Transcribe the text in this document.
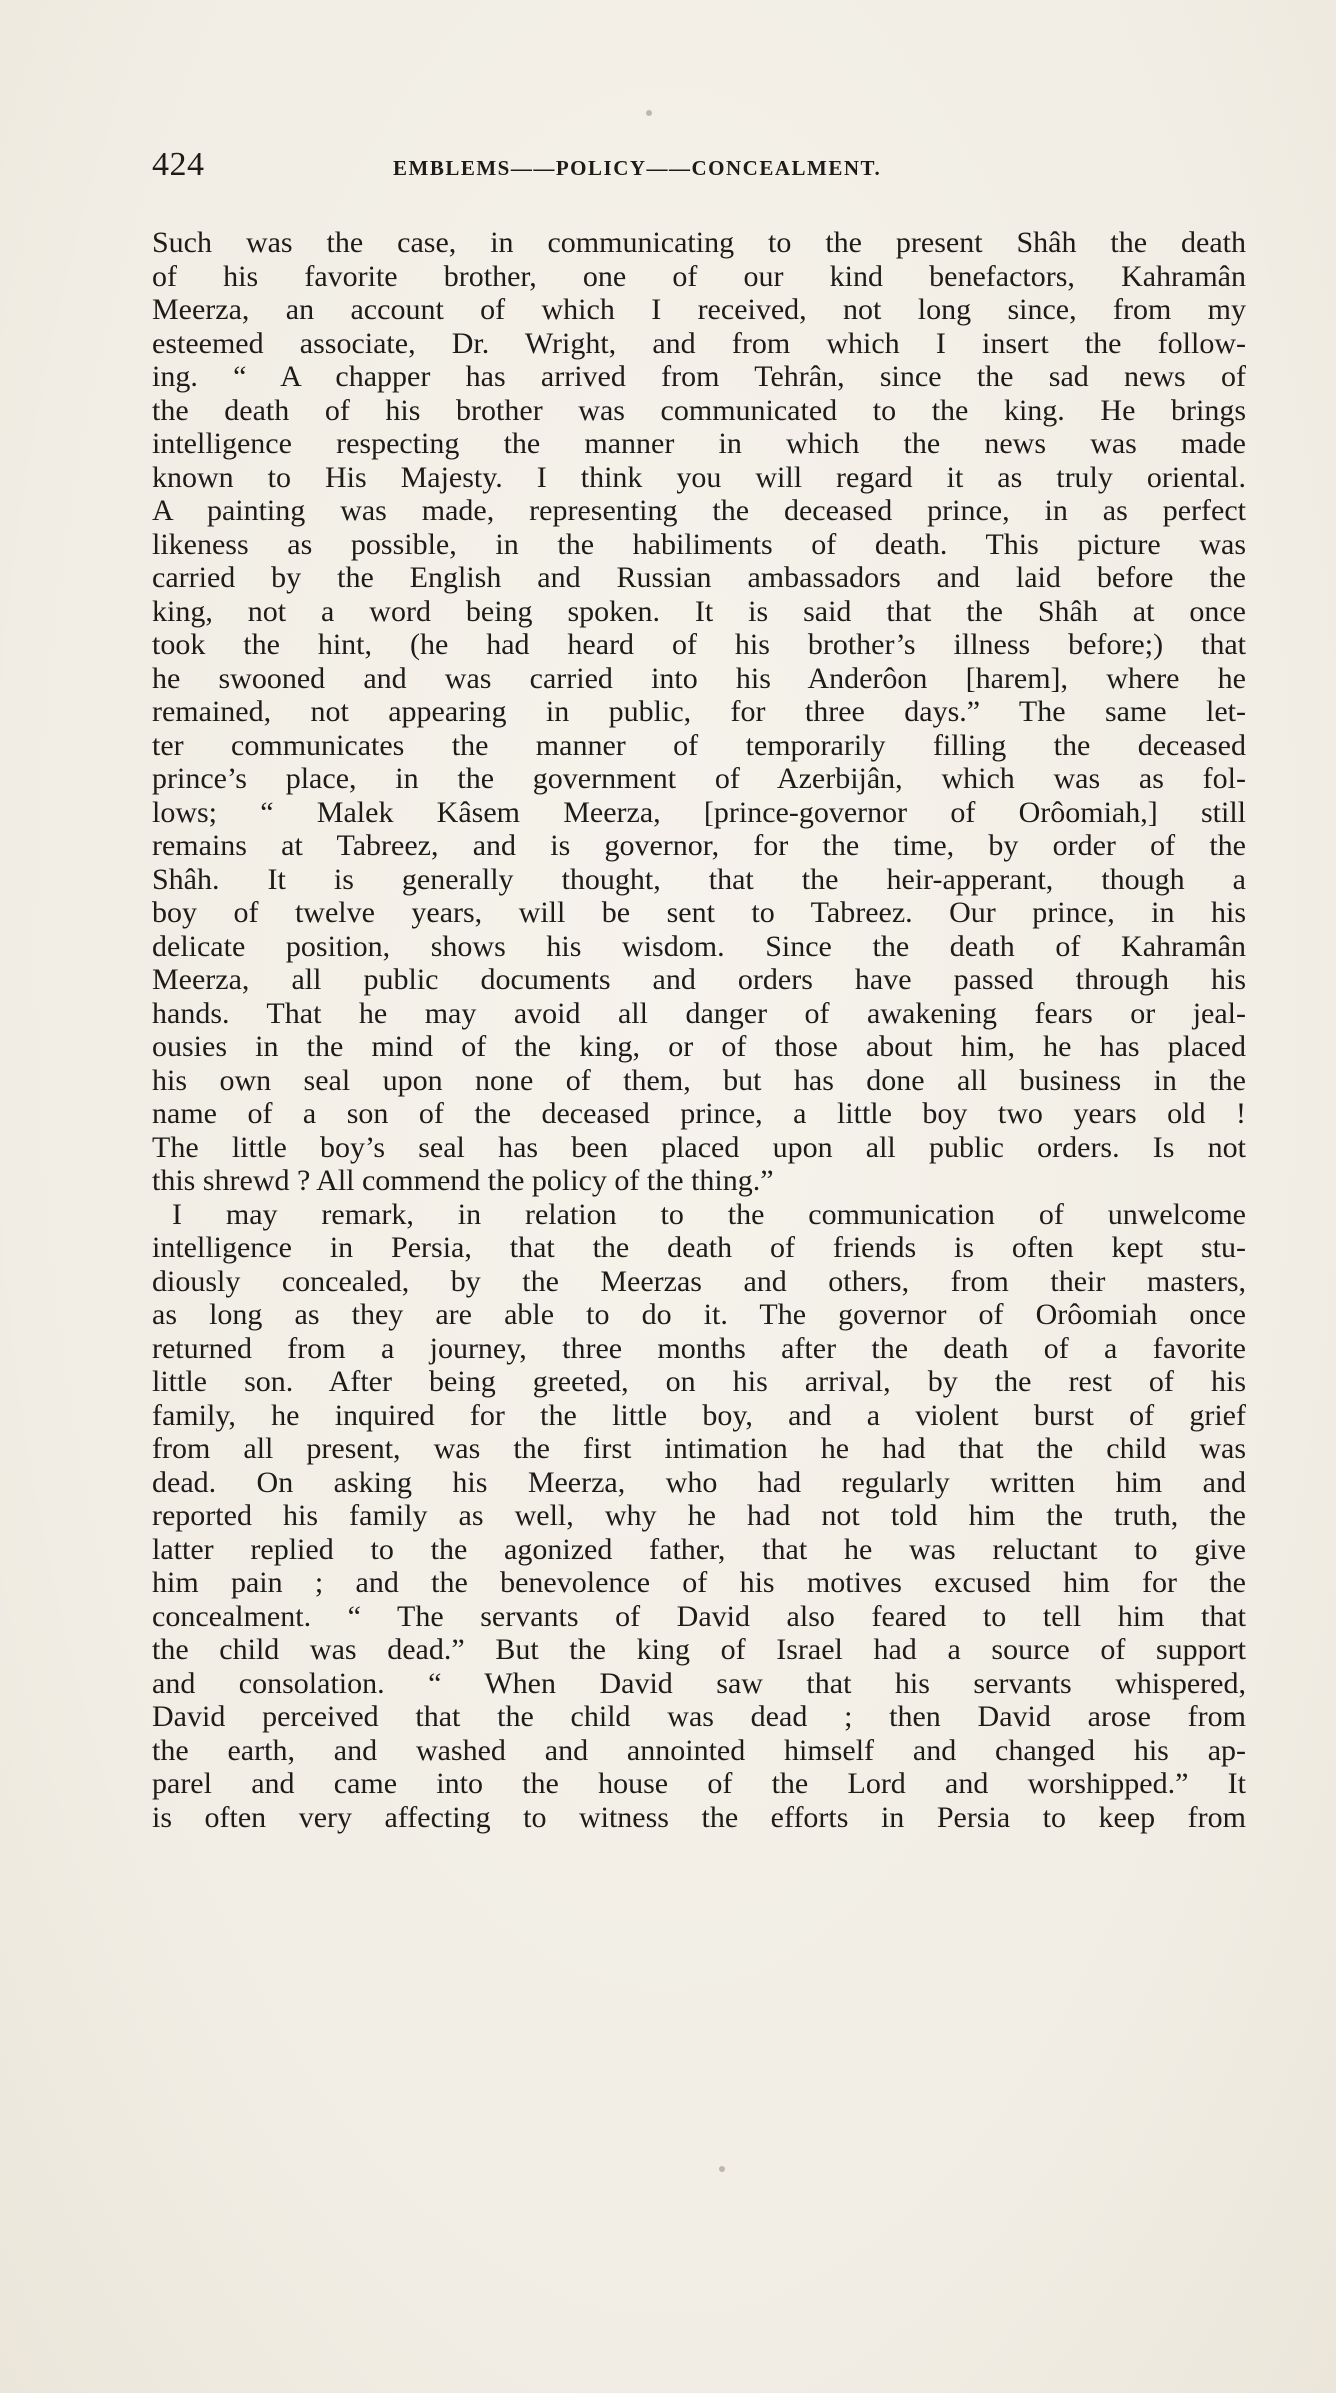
424	EMBLEMS——POLICY——CONCEALMENT.
Such was the case, in communicating to the present Shâh the death
of his favorite brother, one of our kind benefactors, Kahramân
Meerza, an account of which I received, not long since, from my
esteemed associate, Dr. Wright, and from which I insert the follow-
ing. “ A chapper has arrived from Tehrân, since the sad news of
the death of his brother was communicated to the king. He brings
intelligence respecting the manner in which the news was made
known to His Majesty. I think you will regard it as truly oriental.
A painting was made, representing the deceased prince, in as perfect
likeness as possible, in the habiliments of death. This picture was
carried by the English and Russian ambassadors and laid before the
king, not a word being spoken. It is said that the Shâh at once
took the hint, (he had heard of his brother’s illness before;) that
he swooned and was carried into his Anderôon [harem], where he
remained, not appearing in public, for three days.” The same let-
ter communicates the manner of temporarily filling the deceased
prince’s place, in the government of Azerbijân, which was as fol-
lows; “ Malek Kâsem Meerza, [prince-governor of Orôomiah,] still
remains at Tabreez, and is governor, for the time, by order of the
Shâh. It is generally thought, that the heir-apperant, though a
boy of twelve years, will be sent to Tabreez. Our prince, in his
delicate position, shows his wisdom. Since the death of Kahramân
Meerza, all public documents and orders have passed through his
hands. That he may avoid all danger of awakening fears or jeal-
ousies in the mind of the king, or of those about him, he has placed
his own seal upon none of them, but has done all business in the
name of a son of the deceased prince, a little boy two years old !
The little boy’s seal has been placed upon all public orders. Is not
this shrewd ? All commend the policy of the thing.”
I may remark, in relation to the communication of unwelcome
intelligence in Persia, that the death of friends is often kept stu-
diously concealed, by the Meerzas and others, from their masters,
as long as they are able to do it. The governor of Orôomiah once
returned from a journey, three months after the death of a favorite
little son. After being greeted, on his arrival, by the rest of his
family, he inquired for the little boy, and a violent burst of grief
from all present, was the first intimation he had that the child was
dead. On asking his Meerza, who had regularly written him and
reported his family as well, why he had not told him the truth, the
latter replied to the agonized father, that he was reluctant to give
him pain ; and the benevolence of his motives excused him for the
concealment. “ The servants of David also feared to tell him that
the child was dead.” But the king of Israel had a source of support
and consolation. “ When David saw that his servants whispered,
David perceived that the child was dead ; then David arose from
the earth, and washed and annointed himself and changed his ap-
parel and came into the house of the Lord and worshipped.” It
is often very affecting to witness the efforts in Persia to keep from
